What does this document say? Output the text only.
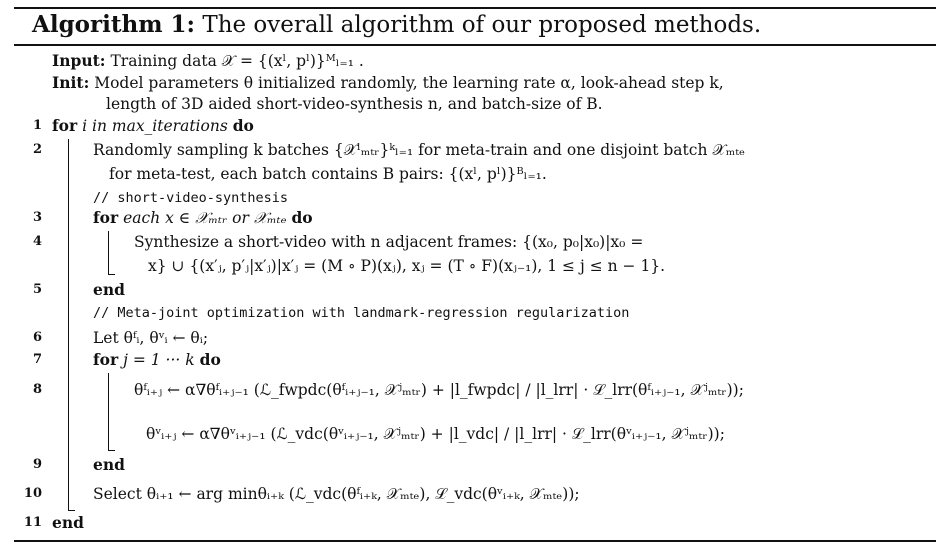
Algorithm 1: The overall algorithm of our proposed methods.
Input: Training data 𝒳 = {(xˡ, pˡ)}ᴹₗ₌₁ .
Init: Model parameters θ initialized randomly, the learning rate α, look-ahead step k,
length of 3D aided short-video-synthesis n, and batch-size of B.
1 for i in max_iterations do
2	Randomly sampling k batches {𝒳ˡₘₜᵣ}ᵏₗ₌₁ for meta-train and one disjoint batch 𝒳ₘₜₑ
for meta-test, each batch contains B pairs: {(xˡ, pˡ)}ᴮₗ₌₁.
// short-video-synthesis
3	for each x ∈ 𝒳ₘₜᵣ or 𝒳ₘₜₑ do
4	Synthesize a short-video with n adjacent frames: {(x₀, p₀|x₀)|x₀ =
x} ∪ {(x′ⱼ, p′ⱼ|x′ⱼ)|x′ⱼ = (M ∘ P)(xⱼ), xⱼ = (T ∘ F)(xⱼ₋₁), 1 ≤ j ≤ n − 1}.
5	end
// Meta-joint optimization with landmark-regression regularization
6	Let θᶠᵢ, θᵛᵢ ← θᵢ;
7	for j = 1 ··· k do
8	θᶠᵢ₊ⱼ ← α∇θᶠᵢ₊ⱼ₋₁ (ℒ_fwpdc(θᶠᵢ₊ⱼ₋₁, 𝒳ʲₘₜᵣ) + |l_fwpdc| / |l_lrr| · ℒ_lrr(θᶠᵢ₊ⱼ₋₁, 𝒳ʲₘₜᵣ));
θᵛᵢ₊ⱼ ← α∇θᵛᵢ₊ⱼ₋₁ (ℒ_vdc(θᵛᵢ₊ⱼ₋₁, 𝒳ʲₘₜᵣ) + |l_vdc| / |l_lrr| · ℒ_lrr(θᵛᵢ₊ⱼ₋₁, 𝒳ʲₘₜᵣ));
9	end
10	Select θᵢ₊₁ ← arg minθᵢ₊ₖ (ℒ_vdc(θᶠᵢ₊ₖ, 𝒳ₘₜₑ), ℒ_vdc(θᵛᵢ₊ₖ, 𝒳ₘₜₑ));
11 end
